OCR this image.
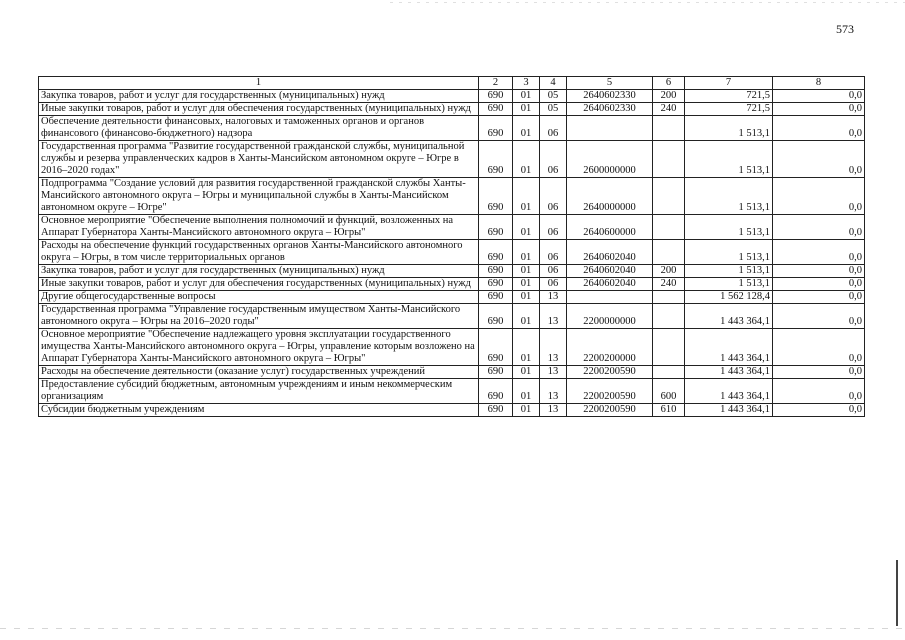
573
1	2	3	4	5	6	7	8
Закупка товаров, работ и услуг для государственных (муниципальных) нужд	690	01	05	2640602330	200	721,5	0,0
Иные закупки товаров, работ и услуг для обеспечения государственных (муниципальных) нужд	690	01	05	2640602330	240	721,5	0,0
Обеспечение деятельности финансовых, налоговых и таможенных органов и органов финансового (финансово-бюджетного) надзора	690	01	06			1 513,1	0,0
Государственная программа "Развитие государственной гражданской службы, муниципальной службы и резерва управленческих кадров в Ханты-Мансийском автономном округе – Югре в 2016–2020 годах"	690	01	06	2600000000		1 513,1	0,0
Подпрограмма "Создание условий для развития государственной гражданской службы Ханты-Мансийского автономного округа – Югры и муниципальной службы в Ханты-Мансийском автономном округе – Югре"	690	01	06	2640000000		1 513,1	0,0
Основное мероприятие "Обеспечение выполнения полномочий и функций, возложенных на Аппарат Губернатора Ханты-Мансийского автономного округа – Югры"	690	01	06	2640600000		1 513,1	0,0
Расходы на обеспечение функций государственных органов Ханты-Мансийского автономного округа – Югры, в том числе территориальных органов	690	01	06	2640602040		1 513,1	0,0
Закупка товаров, работ и услуг для государственных (муниципальных) нужд	690	01	06	2640602040	200	1 513,1	0,0
Иные закупки товаров, работ и услуг для обеспечения государственных (муниципальных) нужд	690	01	06	2640602040	240	1 513,1	0,0
Другие общегосударственные вопросы	690	01	13			1 562 128,4	0,0
Государственная программа "Управление государственным имуществом Ханты-Мансийского автономного округа – Югры на 2016–2020 годы"	690	01	13	2200000000		1 443 364,1	0,0
Основное мероприятие "Обеспечение надлежащего уровня эксплуатации государственного имущества Ханты-Мансийского автономного округа – Югры, управление которым возложено на Аппарат Губернатора Ханты-Мансийского автономного округа – Югры"	690	01	13	2200200000		1 443 364,1	0,0
Расходы на обеспечение деятельности (оказание услуг) государственных учреждений	690	01	13	2200200590		1 443 364,1	0,0
Предоставление субсидий бюджетным, автономным учреждениям и иным некоммерческим организациям	690	01	13	2200200590	600	1 443 364,1	0,0
Субсидии бюджетным учреждениям	690	01	13	2200200590	610	1 443 364,1	0,0
